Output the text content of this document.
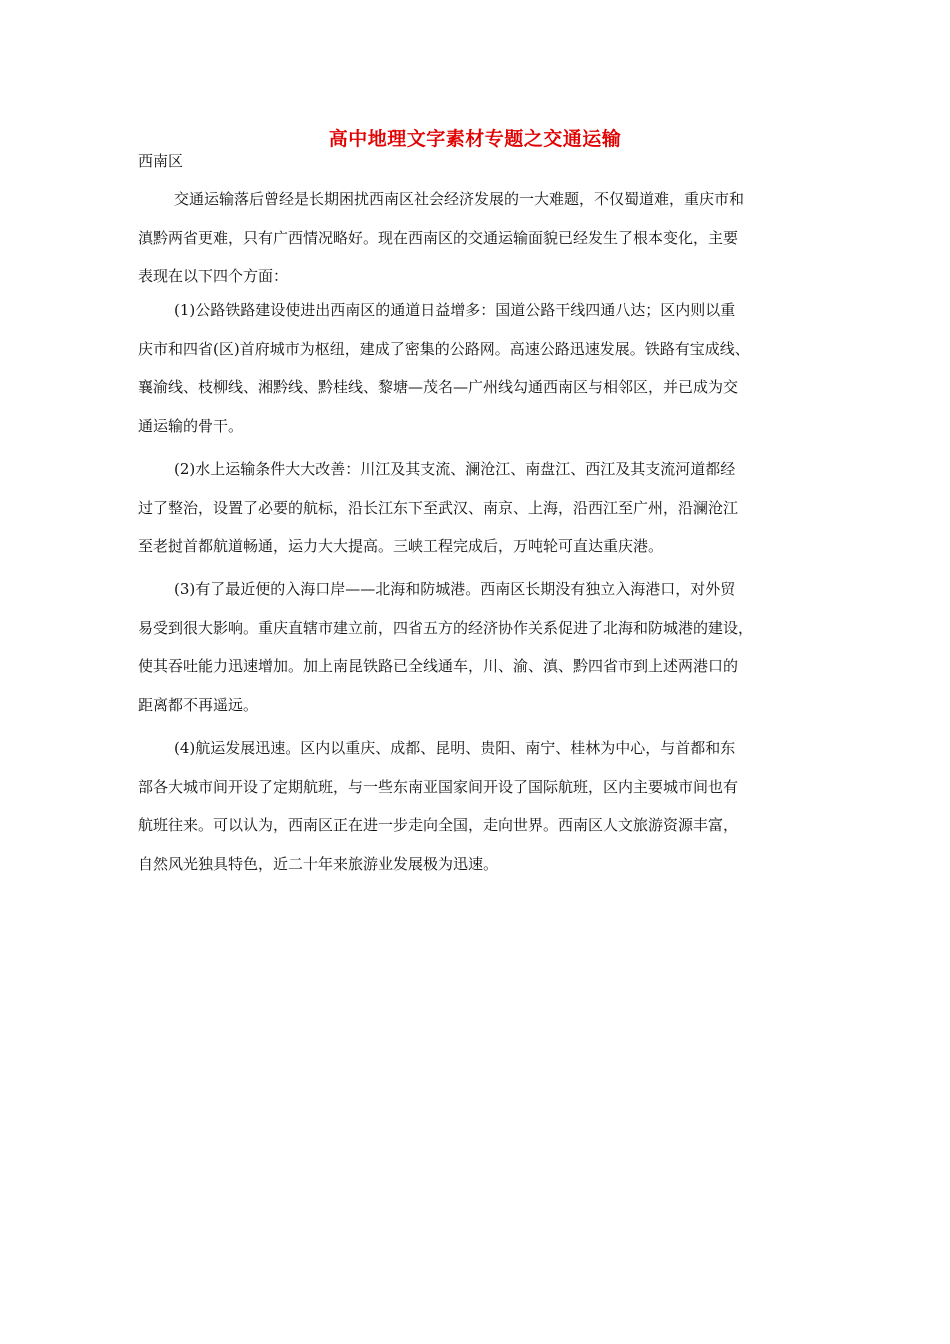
高中地理文字素材专题之交通运输
西南区
交通运输落后曾经是长期困扰西南区社会经济发展的一大难题，不仅蜀道难，重庆市和
滇黔两省更难，只有广西情况略好。现在西南区的交通运输面貌已经发生了根本变化，主要
表现在以下四个方面：
(1)公路铁路建设使进出西南区的通道日益增多：国道公路干线四通八达；区内则以重
庆市和四省(区)首府城市为枢纽，建成了密集的公路网。高速公路迅速发展。铁路有宝成线、
襄渝线、枝柳线、湘黔线、黔桂线、黎塘—茂名—广州线勾通西南区与相邻区，并已成为交
通运输的骨干。
(2)水上运输条件大大改善：川江及其支流、澜沧江、南盘江、西江及其支流河道都经
过了整治，设置了必要的航标，沿长江东下至武汉、南京、上海，沿西江至广州，沿澜沧江
至老挝首都航道畅通，运力大大提高。三峡工程完成后，万吨轮可直达重庆港。
(3)有了最近便的入海口岸——北海和防城港。西南区长期没有独立入海港口，对外贸
易受到很大影响。重庆直辖市建立前，四省五方的经济协作关系促进了北海和防城港的建设，
使其吞吐能力迅速增加。加上南昆铁路已全线通车，川、渝、滇、黔四省市到上述两港口的
距离都不再遥远。
(4)航运发展迅速。区内以重庆、成都、昆明、贵阳、南宁、桂林为中心，与首都和东
部各大城市间开设了定期航班，与一些东南亚国家间开设了国际航班，区内主要城市间也有
航班往来。可以认为，西南区正在进一步走向全国，走向世界。西南区人文旅游资源丰富，
自然风光独具特色，近二十年来旅游业发展极为迅速。
